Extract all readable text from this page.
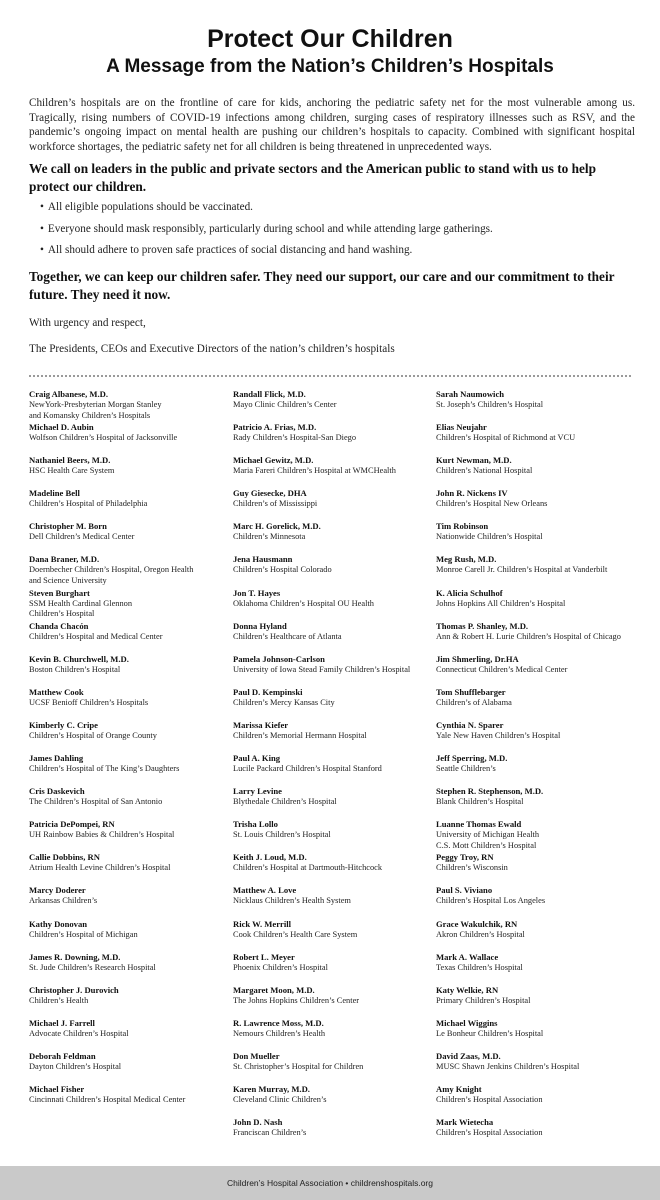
Protect Our Children
A Message from the Nation’s Children’s Hospitals

Children’s hospitals are on the frontline of care for kids, anchoring the pediatric safety net for the most vulnerable among us. Tragically, rising numbers of COVID-19 infections among children, surging cases of respiratory illnesses such as RSV, and the pandemic’s ongoing impact on mental health are pushing our children’s hospitals to capacity. Combined with significant hospital workforce shortages, the pediatric safety net for all children is being threatened in unprecedented ways.

We call on leaders in the public and private sectors and the American public to stand with us to help protect our children.

• All eligible populations should be vaccinated.
• Everyone should mask responsibly, particularly during school and while attending large gatherings.
• All should adhere to proven safe practices of social distancing and hand washing.

Together, we can keep our children safer. They need our support, our care and our commitment to their future. They need it now.

With urgency and respect,

The Presidents, CEOs and Executive Directors of the nation’s children’s hospitals

Craig Albanese, M.D.
NewYork-Presbyterian Morgan Stanley
and Komansky Children’s Hospitals
Michael D. Aubin
Wolfson Children’s Hospital of Jacksonville
Nathaniel Beers, M.D.
HSC Health Care System
Madeline Bell
Children’s Hospital of Philadelphia
Christopher M. Born
Dell Children’s Medical Center
Dana Braner, M.D.
Doernbecher Children’s Hospital, Oregon Health
and Science University
Steven Burghart
SSM Health Cardinal Glennon
Children’s Hospital
Chanda Chacón
Children’s Hospital and Medical Center
Kevin B. Churchwell, M.D.
Boston Children’s Hospital
Matthew Cook
UCSF Benioff Children’s Hospitals
Kimberly C. Cripe
Children’s Hospital of Orange County
James Dahling
Children’s Hospital of The King’s Daughters
Cris Daskevich
The Children’s Hospital of San Antonio
Patricia DePompei, RN
UH Rainbow Babies & Children’s Hospital
Callie Dobbins, RN
Atrium Health Levine Children’s Hospital
Marcy Doderer
Arkansas Children’s
Kathy Donovan
Children’s Hospital of Michigan
James R. Downing, M.D.
St. Jude Children’s Research Hospital
Christopher J. Durovich
Children’s Health
Michael J. Farrell
Advocate Children’s Hospital
Deborah Feldman
Dayton Children’s Hospital
Michael Fisher
Cincinnati Children’s Hospital Medical Center
Randall Flick, M.D.
Mayo Clinic Children’s Center
Patricio A. Frias, M.D.
Rady Children’s Hospital-San Diego
Michael Gewitz, M.D.
Maria Fareri Children’s Hospital at WMCHealth
Guy Giesecke, DHA
Children’s of Mississippi
Marc H. Gorelick, M.D.
Children’s Minnesota
Jena Hausmann
Children’s Hospital Colorado
Jon T. Hayes
Oklahoma Children’s Hospital OU Health
Donna Hyland
Children’s Healthcare of Atlanta
Pamela Johnson-Carlson
University of Iowa Stead Family Children’s Hospital
Paul D. Kempinski
Children’s Mercy Kansas City
Marissa Kiefer
Children’s Memorial Hermann Hospital
Paul A. King
Lucile Packard Children’s Hospital Stanford
Larry Levine
Blythedale Children’s Hospital
Trisha Lollo
St. Louis Children’s Hospital
Keith J. Loud, M.D.
Children’s Hospital at Dartmouth-Hitchcock
Matthew A. Love
Nicklaus Children’s Health System
Rick W. Merrill
Cook Children’s Health Care System
Robert L. Meyer
Phoenix Children’s Hospital
Margaret Moon, M.D.
The Johns Hopkins Children’s Center
R. Lawrence Moss, M.D.
Nemours Children’s Health
Don Mueller
St. Christopher’s Hospital for Children
Karen Murray, M.D.
Cleveland Clinic Children’s
John D. Nash
Franciscan Children’s
Sarah Naumowich
St. Joseph’s Children’s Hospital
Elias Neujahr
Children’s Hospital of Richmond at VCU
Kurt Newman, M.D.
Children’s National Hospital
John R. Nickens IV
Children’s Hospital New Orleans
Tim Robinson
Nationwide Children’s Hospital
Meg Rush, M.D.
Monroe Carell Jr. Children’s Hospital at Vanderbilt
K. Alicia Schulhof
Johns Hopkins All Children’s Hospital
Thomas P. Shanley, M.D.
Ann & Robert H. Lurie Children’s Hospital of Chicago
Jim Shmerling, Dr.HA
Connecticut Children’s Medical Center
Tom Shufflebarger
Children’s of Alabama
Cynthia N. Sparer
Yale New Haven Children’s Hospital
Jeff Sperring, M.D.
Seattle Children’s
Stephen R. Stephenson, M.D.
Blank Children’s Hospital
Luanne Thomas Ewald
University of Michigan Health
C.S. Mott Children’s Hospital
Peggy Troy, RN
Children’s Wisconsin
Paul S. Viviano
Children’s Hospital Los Angeles
Grace Wakulchik, RN
Akron Children’s Hospital
Mark A. Wallace
Texas Children’s Hospital
Katy Welkie, RN
Primary Children’s Hospital
Michael Wiggins
Le Bonheur Children’s Hospital
David Zaas, M.D.
MUSC Shawn Jenkins Children’s Hospital
Amy Knight
Children’s Hospital Association
Mark Wietecha
Children’s Hospital Association
Children’s Hospital Association • childrenshospitals.org
